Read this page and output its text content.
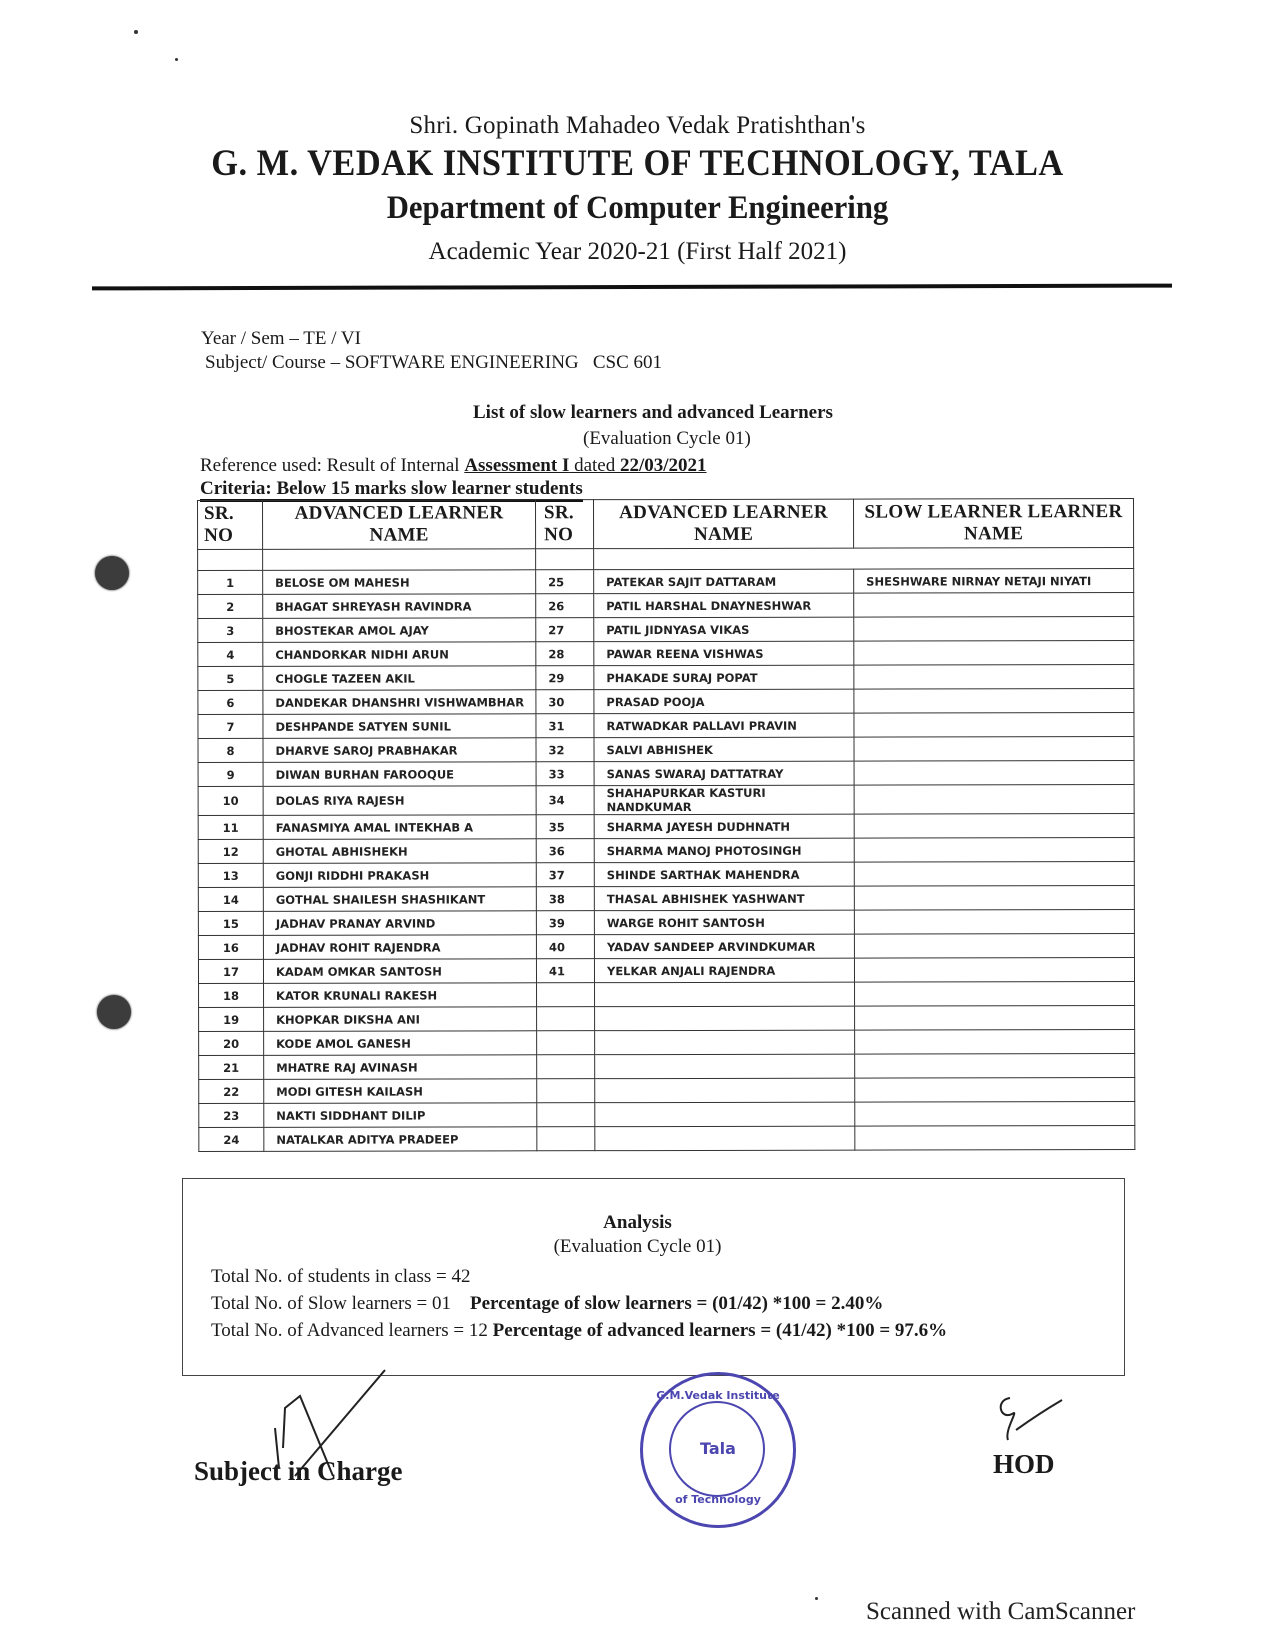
Shri. Gopinath Mahadeo Vedak Pratishthan's
G. M. VEDAK INSTITUTE OF TECHNOLOGY, TALA
Department of Computer Engineering
Academic Year 2020-21 (First Half 2021)
Year / Sem – TE / VI
Subject/ Course – SOFTWARE ENGINEERING   CSC 601
List of slow learners and advanced Learners
(Evaluation Cycle 01)
Reference used: Result of Internal Assessment I dated 22/03/2021
Criteria: Below 15 marks slow learner students
SR. NO	ADVANCED LEARNER NAME	SR. NO	ADVANCED LEARNER NAME	SLOW LEARNER LEARNER NAME

1	BELOSE OM MAHESH	25	PATEKAR SAJIT DATTARAM	SHESHWARE NIRNAY NETAJI NIYATI
2	BHAGAT SHREYASH RAVINDRA	26	PATIL HARSHAL DNAYNESHWAR	
3	BHOSTEKAR AMOL AJAY	27	PATIL JIDNYASA VIKAS	
4	CHANDORKAR NIDHI ARUN	28	PAWAR REENA VISHWAS	
5	CHOGLE TAZEEN AKIL	29	PHAKADE SURAJ POPAT	
6	DANDEKAR DHANSHRI VISHWAMBHAR	30	PRASAD POOJA	
7	DESHPANDE SATYEN SUNIL	31	RATWADKAR PALLAVI PRAVIN	
8	DHARVE SAROJ PRABHAKAR	32	SALVI ABHISHEK	
9	DIWAN BURHAN FAROOQUE	33	SANAS SWARAJ DATTATRAY	
10	DOLAS RIYA RAJESH	34	SHAHAPURKAR KASTURI NANDKUMAR	
11	FANASMIYA AMAL INTEKHAB A	35	SHARMA JAYESH DUDHNATH	
12	GHOTAL ABHISHEKH	36	SHARMA MANOJ PHOTOSINGH	
13	GONJI RIDDHI PRAKASH	37	SHINDE SARTHAK MAHENDRA	
14	GOTHAL SHAILESH SHASHIKANT	38	THASAL ABHISHEK YASHWANT	
15	JADHAV PRANAY ARVIND	39	WARGE ROHIT SANTOSH	
16	JADHAV ROHIT RAJENDRA	40	YADAV SANDEEP ARVINDKUMAR	
17	KADAM OMKAR SANTOSH	41	YELKAR ANJALI RAJENDRA	
18	KATOR KRUNALI RAKESH			
19	KHOPKAR DIKSHA ANI			
20	KODE AMOL GANESH			
21	MHATRE RAJ AVINASH			
22	MODI GITESH KAILASH			
23	NAKTI SIDDHANT DILIP			
24	NATALKAR ADITYA PRADEEP			
Analysis
(Evaluation Cycle 01)
Total No. of students in class = 42
Total No. of Slow learners = 01 Percentage of slow learners = (01/42) *100 = 2.40%
Total No. of Advanced learners = 12 Percentage of advanced learners = (41/42) *100 = 97.6%
Subject in Charge
G.M.Vedak Institute
Tala
of Technology
HOD
Scanned with CamScanner
